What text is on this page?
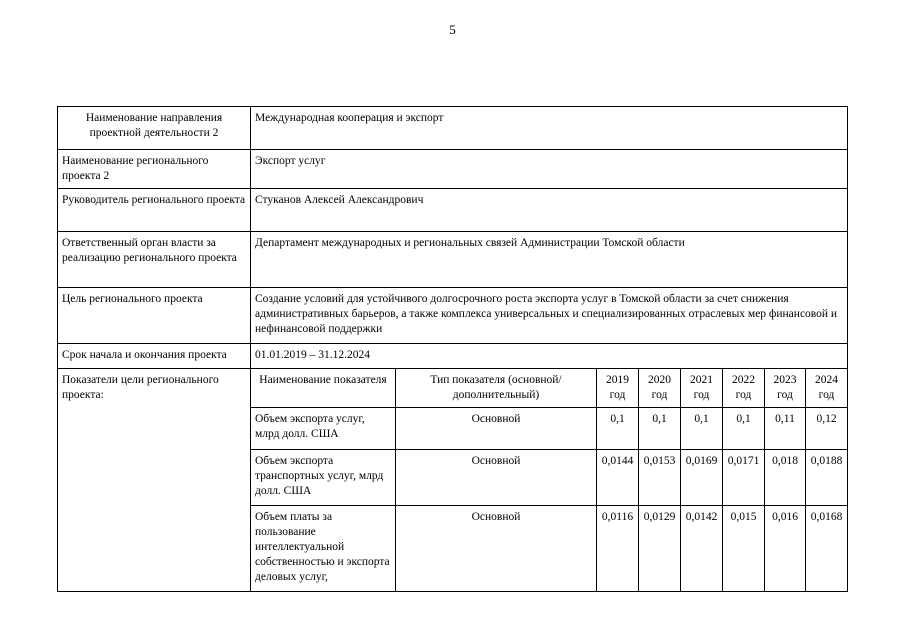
5
Наименование направления проектной деятельности 2	Международная кооперация и экспорт							
Наименование регионального проекта 2	Экспорт услуг							
Руководитель регионального проекта	Стуканов Алексей Александрович							
Ответственный орган власти за реализацию регионального проекта	Департамент международных и региональных связей Администрации Томской области							
Цель регионального проекта	Создание условий для устойчивого долгосрочного роста экспорта услуг в Томской области за счет снижения административных барьеров, а также комплекса универсальных и специализированных отраслевых мер финансовой и нефинансовой поддержки							
Срок начала и окончания проекта	01.01.2019 – 31.12.2024							
Показатели цели регионального проекта:	Наименование показателя	Тип показателя (основной/дополнительный)	2019 год	2020 год	2021 год	2022 год	2023 год	2024 год
	Объем экспорта услуг, млрд долл. США	Основной	0,1	0,1	0,1	0,1	0,11	0,12
	Объем экспорта транспортных услуг, млрд долл. США	Основной	0,0144	0,0153	0,0169	0,0171	0,018	0,0188
	Объем платы за пользование интеллектуальной собственностью и экспорта деловых услуг,	Основной	0,0116	0,0129	0,0142	0,015	0,016	0,0168
